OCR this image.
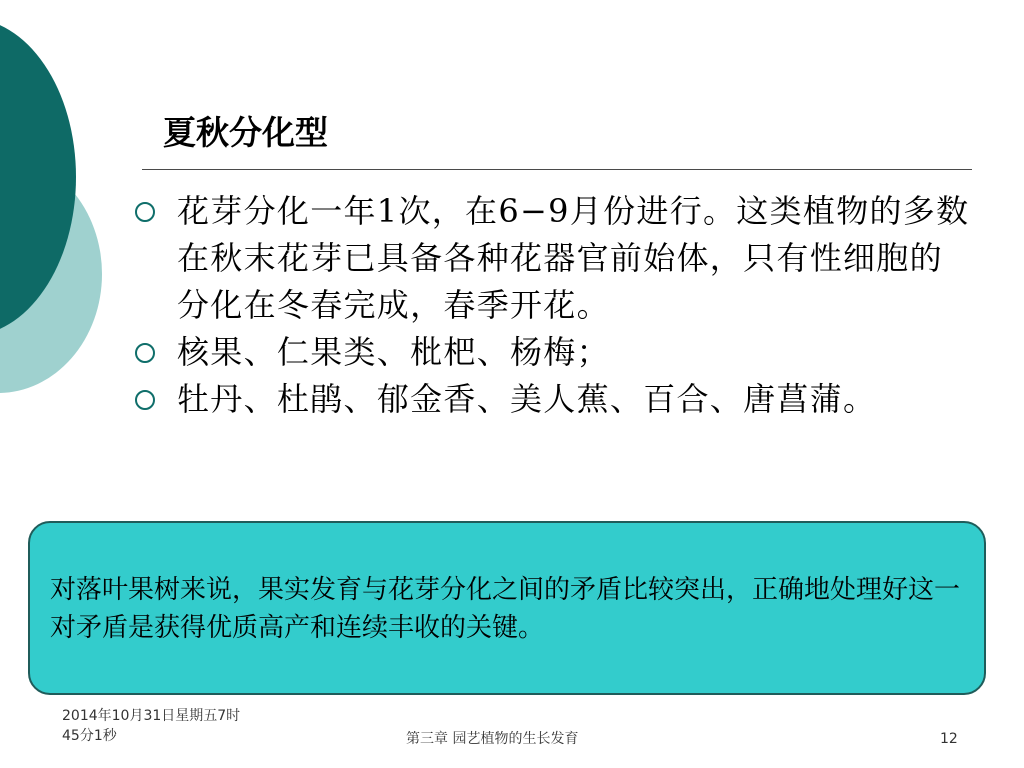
夏秋分化型
花芽分化一年1次，在6−9月份进行。这类植物的多数在秋末花芽已具备各种花器官前始体，只有性细胞的分化在冬春完成，春季开花。
核果、仁果类、枇杷、杨梅；
牡丹、杜鹃、郁金香、美人蕉、百合、唐菖蒲。
对落叶果树来说，果实发育与花芽分化之间的矛盾比较突出，正确地处理好这一对矛盾是获得优质高产和连续丰收的关键。
2014年10月31日星期五7时
45分1秒	第三章 园艺植物的生长发育	12
